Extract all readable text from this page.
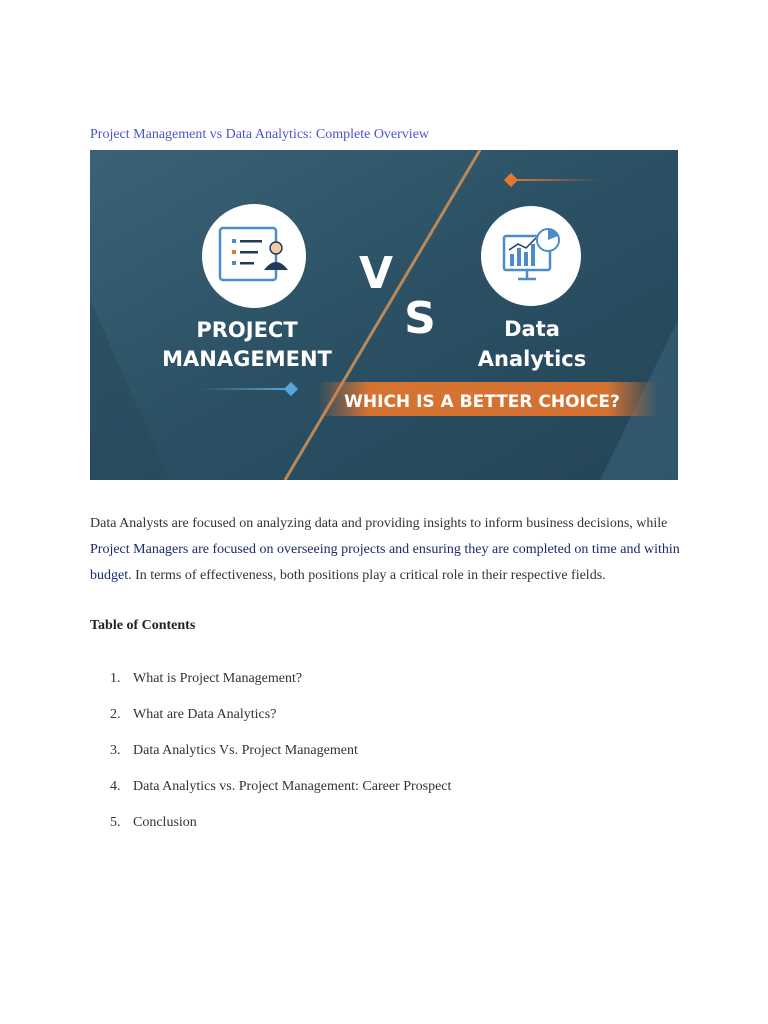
Project Management vs Data Analytics: Complete Overview
PROJECT
MANAGEMENT
V
S	Data
Analytics
WHICH IS A BETTER CHOICE?

Data Analysts are focused on analyzing data and providing insights to inform business decisions, while Project Managers are focused on overseeing projects and ensuring they are completed on time and within budget. In terms of effectiveness, both positions play a critical role in their respective fields.

Table of Contents

1. What is Project Management?
2. What are Data Analytics?
3. Data Analytics Vs. Project Management
4. Data Analytics vs. Project Management: Career Prospect
5. Conclusion
